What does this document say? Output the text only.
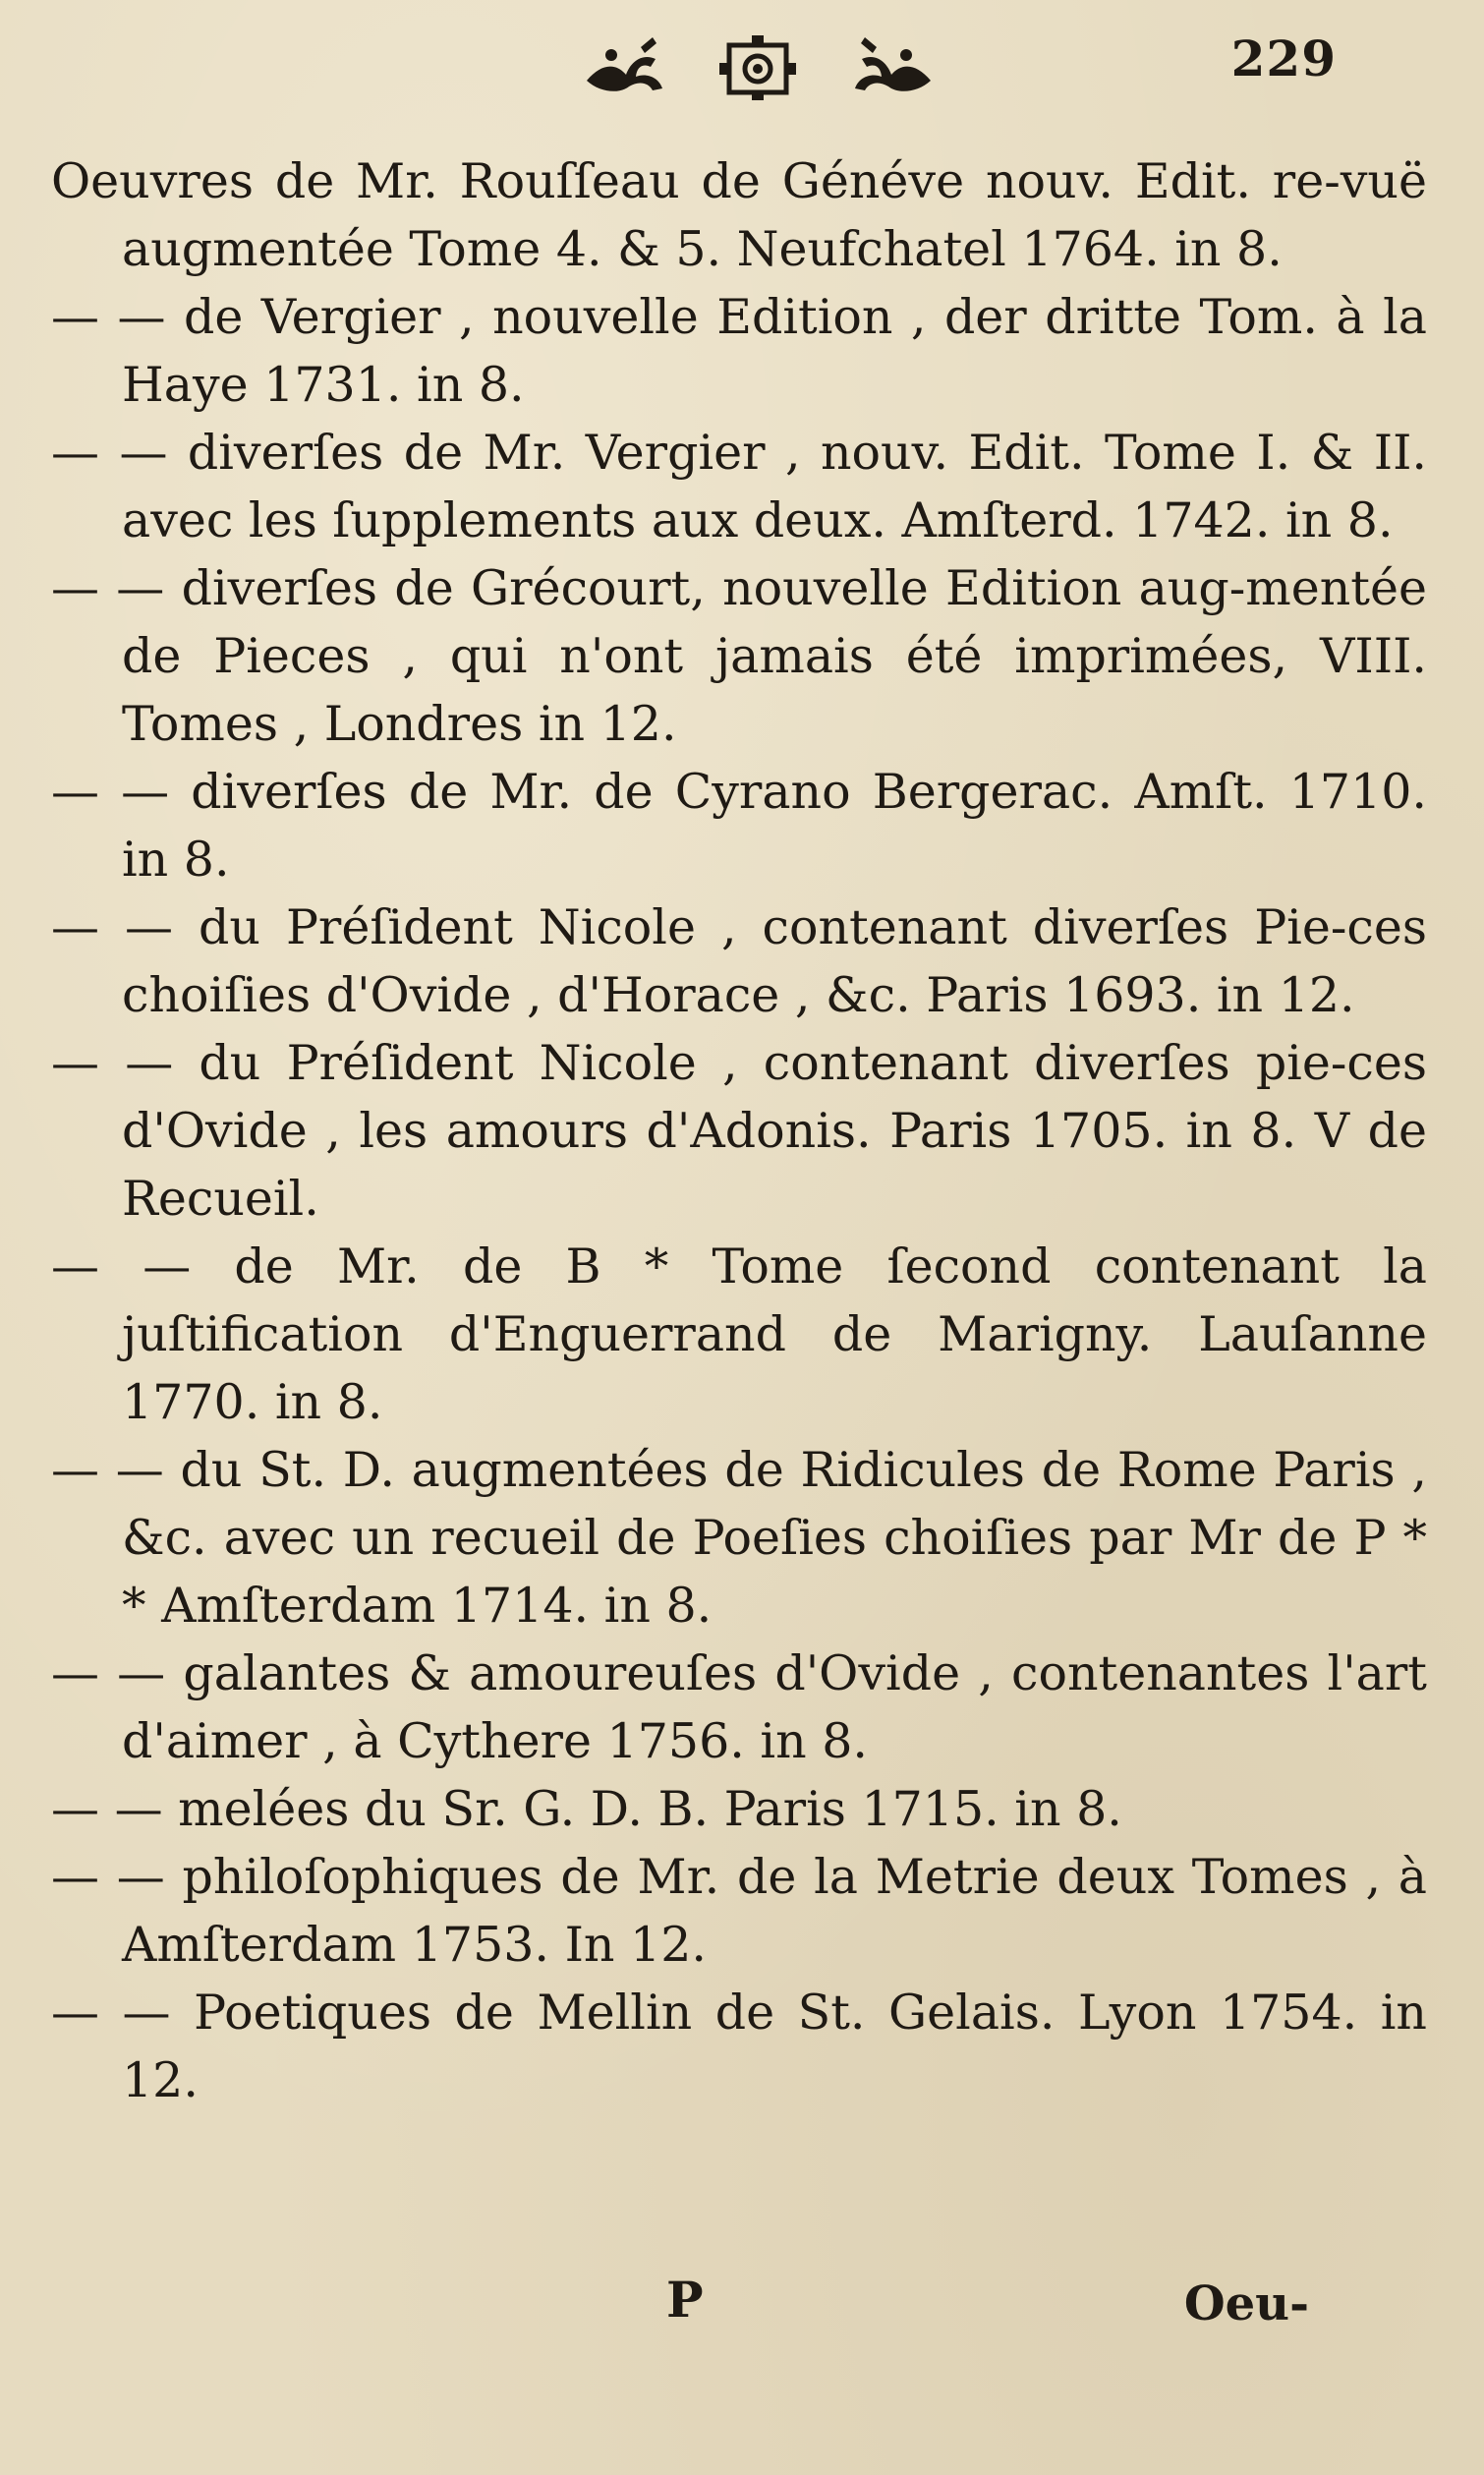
229

Oeuvres de Mr. Rouſſeau de Généve nouv. Edit. re-vuë augmentée Tome 4. & 5. Neufchatel 1764. in 8.

— — de Vergier , nouvelle Edition , der dritte Tom. à la Haye 1731. in 8.

— — diverſes de Mr. Vergier , nouv. Edit. Tome I. & II. avec les ſupplements aux deux. Amſterd. 1742. in 8.

— — diverſes de Grécourt, nouvelle Edition aug-mentée de Pieces , qui n'ont jamais été imprimées, VIII. Tomes , Londres in 12.

— — diverſes de Mr. de Cyrano Bergerac. Amſt. 1710. in 8.

— — du Préſident Nicole , contenant diverſes Pie-ces choiſies d'Ovide , d'Horace , &c. Paris 1693. in 12.

— — du Préſident Nicole , contenant diverſes pie-ces d'Ovide , les amours d'Adonis. Paris 1705. in 8. V de Recueil.

— — de Mr. de B * Tome ſecond contenant la juſtification d'Enguerrand de Marigny. Lauſanne 1770. in 8.

— — du St. D. augmentées de Ridicules de Rome Paris , &c. avec un recueil de Poeſies choiſies par Mr de P * * Amſterdam 1714. in 8.

— — galantes & amoureuſes d'Ovide , contenantes l'art d'aimer , à Cythere 1756. in 8.

— — melées du Sr. G. D. B. Paris 1715. in 8.

— — philoſophiques de Mr. de la Metrie deux Tomes , à Amſterdam 1753. In 12.

— — Poetiques de Mellin de St. Gelais. Lyon 1754. in 12.

P	Oeu-
